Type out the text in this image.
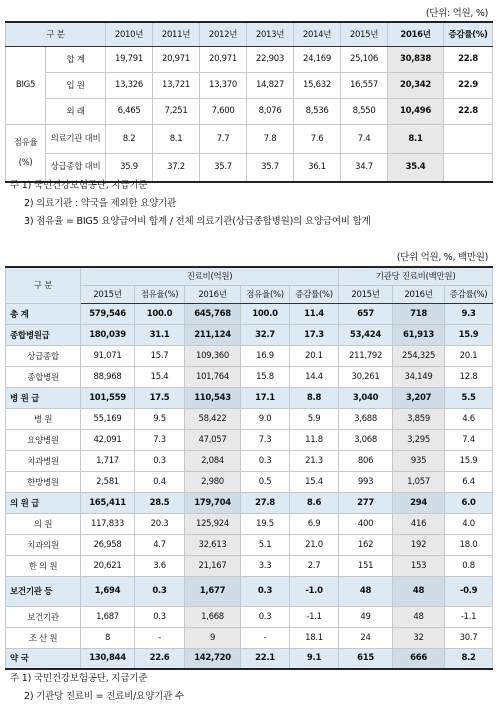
(단위: 억원, %)
구 분		2010년	2011년	2012년	2013년	2014년	2015년	2016년	증감률(%)
BIG5	합 계	19,791	20,971	20,971	22,903	24,169	25,106	30,838	22.8
	입 원	13,326	13,721	13,370	14,827	15,632	16,557	20,342	22.9
	외 래	6,465	7,251	7,600	8,076	8,536	8,550	10,496	22.8

점유율
(%)	의료기관 대비	8.2	8.1	7.7	7.8	7.6	7.4	8.1	
	상급종합 대비	35.9	37.2	35.7	35.7	36.1	34.7	35.4	
주 1) 국민건강보험공단, 지급기준
2) 의료기관 : 약국을 제외한 요양기관
3) 점유율 = BIG5 요양급여비 합계 / 전체 의료기관(상급종합병원)의 요양급여비 합계
(단위 억원, %, 백만원)
구 분	진료비(억원)					기관당 진료비(백만원)		
	2015년	점유율(%)	2016년	점유율(%)	증감률(%)	2015년	2016년	증감률(%)
총 계	579,546	100.0	645,768	100.0	11.4	657	718	9.3
종합병원급	180,039	31.1	211,124	32.7	17.3	53,424	61,913	15.9
상급종합	91,071	15.7	109,360	16.9	20.1	211,792	254,325	20.1
종합병원	88,968	15.4	101,764	15.8	14.4	30,261	34,149	12.8
병 원 급	101,559	17.5	110,543	17.1	8.8	3,040	3,207	5.5
병 원	55,169	9.5	58,422	9.0	5.9	3,688	3,859	4.6
요양병원	42,091	7.3	47,057	7.3	11.8	3,068	3,295	7.4
치과병원	1,717	0.3	2,084	0.3	21.3	806	935	15.9
한방병원	2,581	0.4	2,980	0.5	15.4	993	1,057	6.4
의 원 급	165,411	28.5	179,704	27.8	8.6	277	294	6.0
의 원	117,833	20.3	125,924	19.5	6.9	400	416	4.0
치과의원	26,958	4.7	32,613	5.1	21.0	162	192	18.0
한 의 원	20,621	3.6	21,167	3.3	2.7	151	153	0.8
보건기관 등	1,694	0.3	1,677	0.3	-1.0	48	48	-0.9
보건기관	1,687	0.3	1,668	0.3	-1.1	49	48	-1.1
조 산 원	8	-	9	-	18.1	24	32	30.7
약 국	130,844	22.6	142,720	22.1	9.1	615	666	8.2
주 1) 국민건강보험공단, 지급기준
2) 기관당 진료비 = 진료비/요양기관 수
